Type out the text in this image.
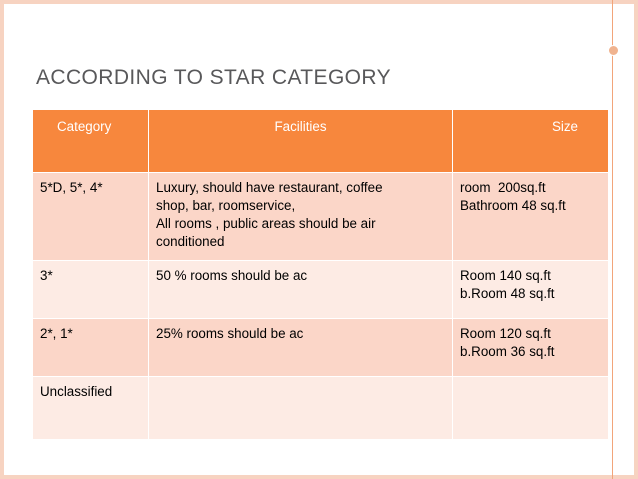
ACCORDING TO STAR CATEGORY
Category	Facilities	Size
5*D, 5*, 4*	Luxury, should have restaurant, coffee
shop, bar, roomservice,
All rooms , public areas should be air
conditioned	room  200sq.ft
Bathroom 48 sq.ft

3*	50 % rooms should be ac	Room 140 sq.ft
b.Room 48 sq.ft

2*, 1*	25% rooms should be ac	Room 120 sq.ft
b.Room 36 sq.ft

Unclassified		
